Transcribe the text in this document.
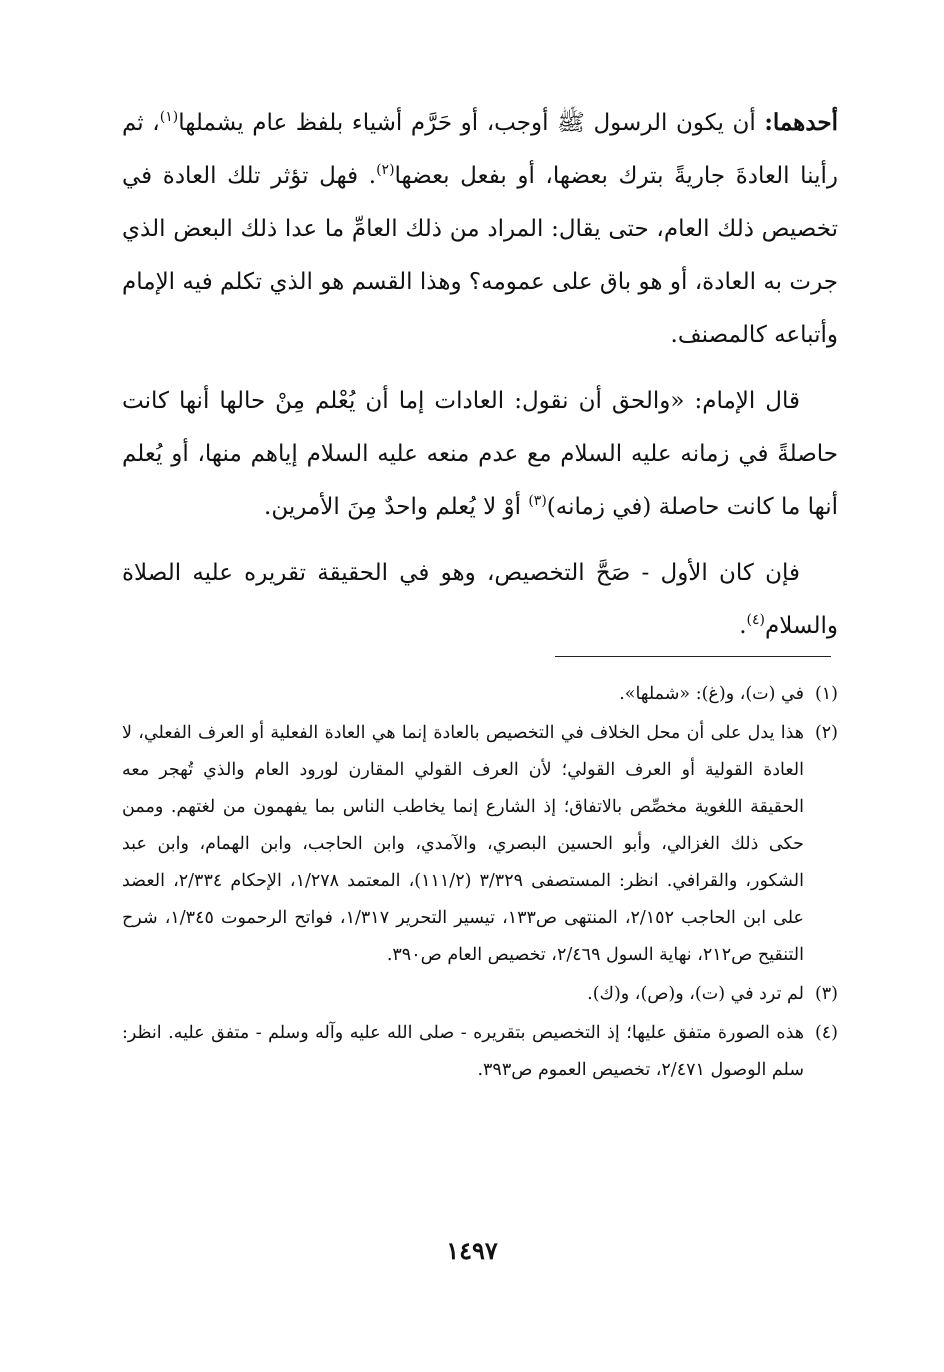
أحدهما: أن يكون الرسول ﷺ أوجب، أو حَرَّم أشياء بلفظ عام يشملها$^{(١)}$، ثم رأينا العادةَ جاريةً بترك بعضها، أو بفعل بعضها$^{(٢)}$. فهل تؤثر تلك العادة في تخصيص ذلك العام، حتى يقال: المراد من ذلك العامِّ ما عدا ذلك البعض الذي جرت به العادة، أو هو باق على عمومه؟ وهذا القسم هو الذي تكلم فيه الإمام وأتباعه كالمصنف.

قال الإمام: «والحق أن نقول: العادات إما أن يُعْلم مِنْ حالها أنها كانت حاصلةً في زمانه عليه السلام مع عدم منعه عليه السلام إياهم منها، أو يُعلم أنها ما كانت حاصلة (في زمانه)$^{(٣)}$ أوْ لا يُعلم واحدٌ مِنَ الأمرين.

فإن كان الأول - صَحَّ التخصيص، وهو في الحقيقة تقريره عليه الصلاة والسلام$^{(٤)}$.

(١)
في (ت)، و(غ): «شملها».
(٢)
هذا يدل على أن محل الخلاف في التخصيص بالعادة إنما هي العادة الفعلية أو العرف الفعلي، لا العادة القولية أو العرف القولي؛ لأن العرف القولي المقارن لورود العام والذي تُهجر معه الحقيقة اللغوية مخصِّص بالاتفاق؛ إذ الشارع إنما يخاطب الناس بما يفهمون من لغتهم. وممن حكى ذلك الغزالي، وأبو الحسين البصري، والآمدي، وابن الحاجب، وابن الهمام، وابن عبد الشكور، والقرافي. انظر: المستصفى ٣/٣٢٩ (١١١/٢)، المعتمد ١/٢٧٨، الإحكام ٢/٣٣٤، العضد على ابن الحاجب ٢/١٥٢، المنتهى ص١٣٣، تيسير التحرير ١/٣١٧، فواتح الرحموت ١/٣٤٥، شرح التنقيح ص٢١٢، نهاية السول ٢/٤٦٩، تخصيص العام ص٣٩٠.
(٣)
لم ترد في (ت)، و(ص)، و(ك).
(٤)
هذه الصورة متفق عليها؛ إذ التخصيص بتقريره - صلى الله عليه وآله وسلم - متفق عليه. انظر: سلم الوصول ٢/٤٧١، تخصيص العموم ص٣٩٣.
١٤٩٧
